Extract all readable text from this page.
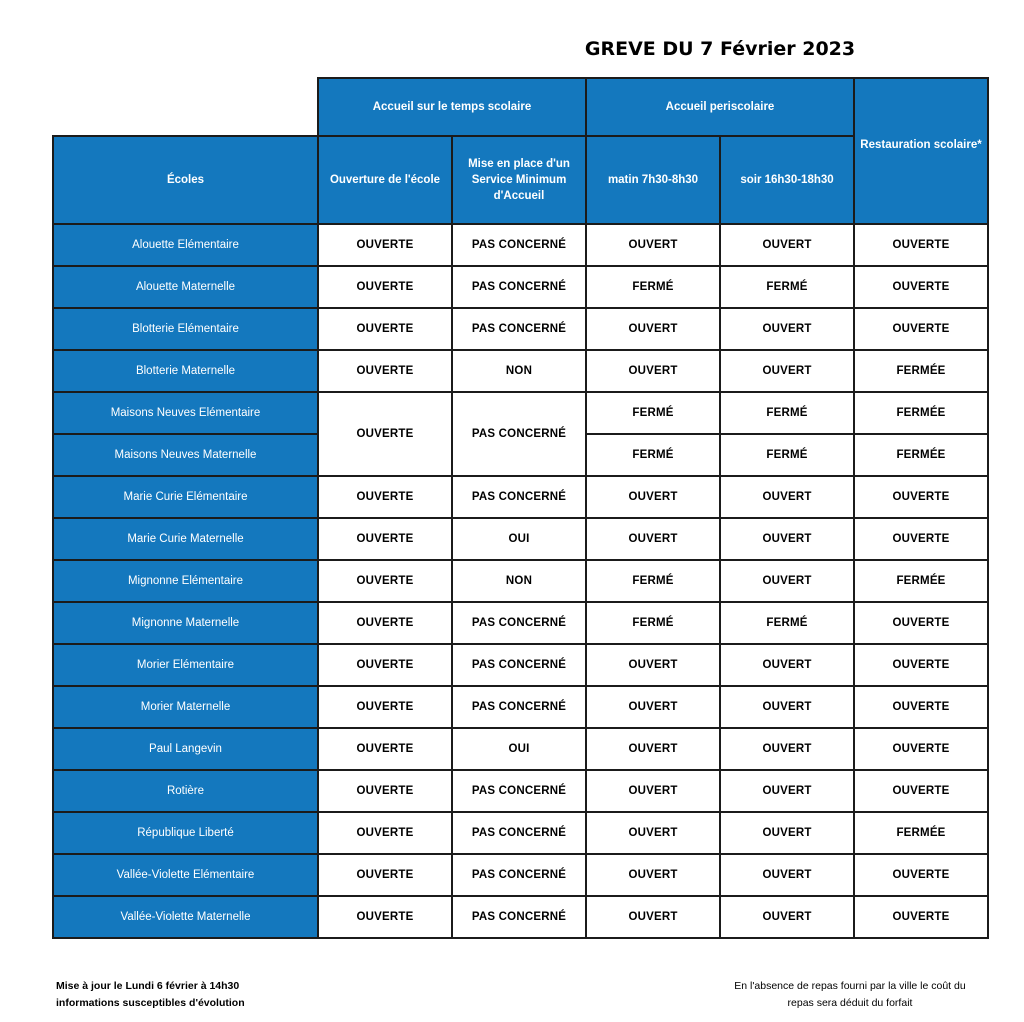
GREVE DU 7 Février 2023
	Accueil sur le temps scolaire		Accueil periscolaire		Restauration scolaire*
Écoles	Ouverture de l'école	Mise en place d'un Service Minimum d'Accueil	matin 7h30-8h30	soir 16h30-18h30	
Alouette Elémentaire	OUVERTE	PAS CONCERNÉ	OUVERT	OUVERT	OUVERTE
Alouette Maternelle	OUVERTE	PAS CONCERNÉ	FERMÉ	FERMÉ	OUVERTE
Blotterie Elémentaire	OUVERTE	PAS CONCERNÉ	OUVERT	OUVERT	OUVERTE
Blotterie Maternelle	OUVERTE	NON	OUVERT	OUVERT	FERMÉE
Maisons Neuves Elémentaire	OUVERTE	PAS CONCERNÉ	FERMÉ	FERMÉ	FERMÉE
Maisons Neuves Maternelle			FERMÉ	FERMÉ	FERMÉE
Marie Curie Elémentaire	OUVERTE	PAS CONCERNÉ	OUVERT	OUVERT	OUVERTE
Marie Curie Maternelle	OUVERTE	OUI	OUVERT	OUVERT	OUVERTE
Mignonne Elémentaire	OUVERTE	NON	FERMÉ	OUVERT	FERMÉE
Mignonne Maternelle	OUVERTE	PAS CONCERNÉ	FERMÉ	FERMÉ	OUVERTE
Morier Elémentaire	OUVERTE	PAS CONCERNÉ	OUVERT	OUVERT	OUVERTE
Morier Maternelle	OUVERTE	PAS CONCERNÉ	OUVERT	OUVERT	OUVERTE
Paul Langevin	OUVERTE	OUI	OUVERT	OUVERT	OUVERTE
Rotière	OUVERTE	PAS CONCERNÉ	OUVERT	OUVERT	OUVERTE
République Liberté	OUVERTE	PAS CONCERNÉ	OUVERT	OUVERT	FERMÉE
Vallée-Violette Elémentaire	OUVERTE	PAS CONCERNÉ	OUVERT	OUVERT	OUVERTE
Vallée-Violette Maternelle	OUVERTE	PAS CONCERNÉ	OUVERT	OUVERT	OUVERTE
Mise à jour le Lundi 6 février à 14h30
informations susceptibles d'évolution
En l'absence de repas fourni par la ville le coût du
repas sera déduit du forfait
